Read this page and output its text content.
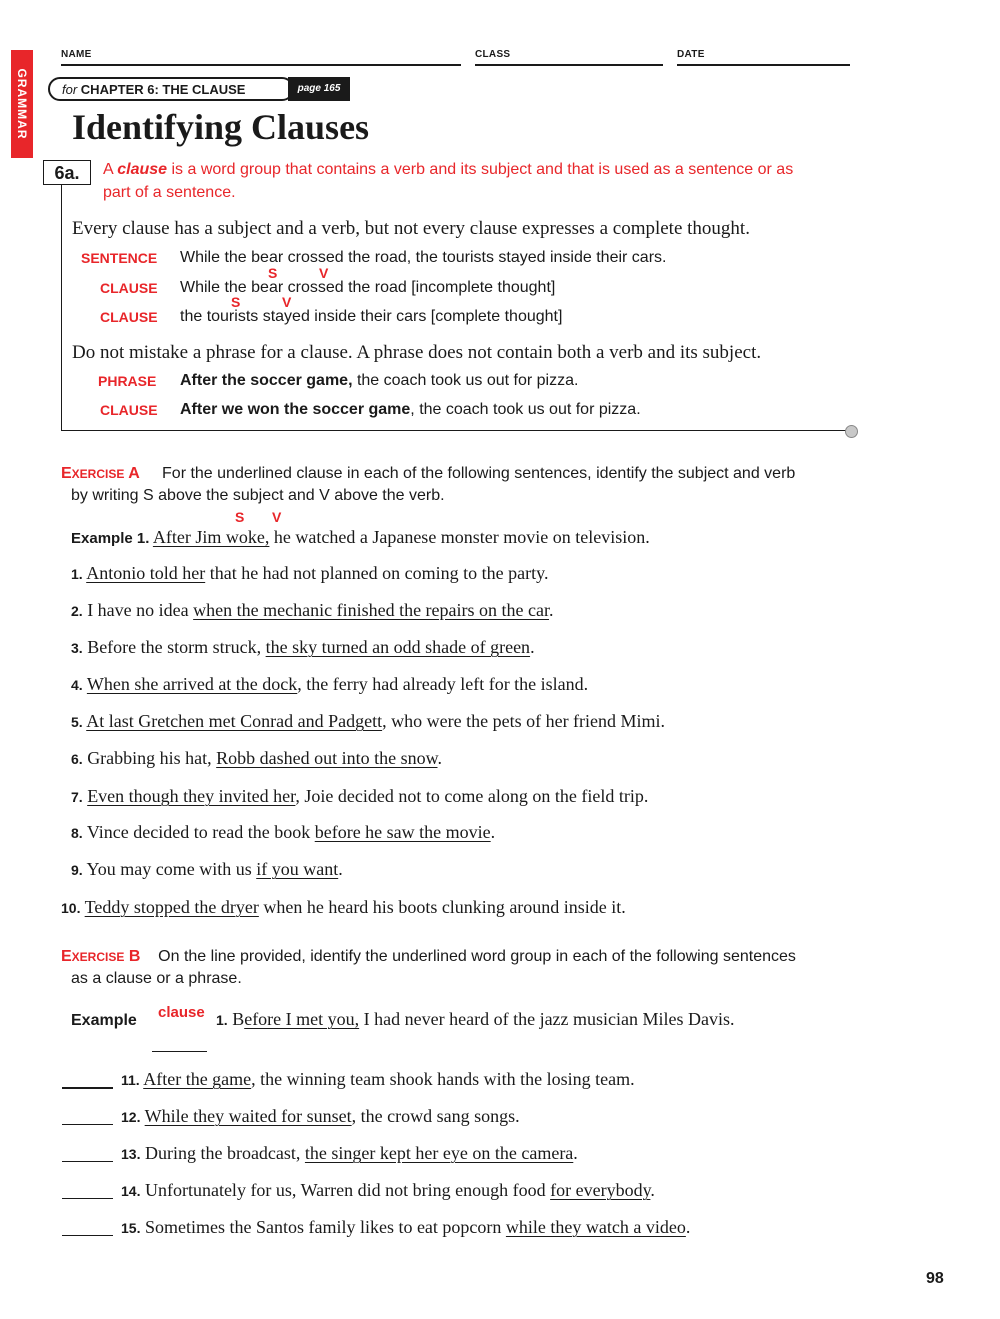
NAME	CLASS	DATE
GRAMMAR	for CHAPTER 6: THE CLAUSE	page 165
Identifying Clauses
6a.	A clause is a word group that contains a verb and its subject and that is used as a sentence or as
part of a sentence.
Every clause has a subject and a verb, but not every clause expresses a complete thought.
SENTENCE While the bear crossed the road, the tourists stayed inside their cars.
S	V
CLAUSE While the bear crossed the road [incomplete thought]
S	V
CLAUSE the tourists stayed inside their cars [complete thought]
Do not mistake a phrase for a clause. A phrase does not contain both a verb and its subject.
PHRASE After the soccer game, the coach took us out for pizza.
CLAUSE After we won the soccer game, the coach took us out for pizza.
EXERCISE A For the underlined clause in each of the following sentences, identify the subject and verb
by writing S above the subject and V above the verb.
S V
Example 1. After Jim woke, he watched a Japanese monster movie on television.
1. Antonio told her that he had not planned on coming to the party.
2. I have no idea when the mechanic finished the repairs on the car.
3. Before the storm struck, the sky turned an odd shade of green.
4. When she arrived at the dock, the ferry had already left for the island.
5. At last Gretchen met Conrad and Padgett, who were the pets of her friend Mimi.
6. Grabbing his hat, Robb dashed out into the snow.
7. Even though they invited her, Joie decided not to come along on the field trip.
8. Vince decided to read the book before he saw the movie.
9. You may come with us if you want.
10. Teddy stopped the dryer when he heard his boots clunking around inside it.
EXERCISE B On the line provided, identify the underlined word group in each of the following sentences
as a clause or a phrase.
Example clause 1. Before I met you, I had never heard of the jazz musician Miles Davis.
11. After the game, the winning team shook hands with the losing team.
12. While they waited for sunset, the crowd sang songs.
13. During the broadcast, the singer kept her eye on the camera.
14. Unfortunately for us, Warren did not bring enough food for everybody.
15. Sometimes the Santos family likes to eat popcorn while they watch a video.
98
